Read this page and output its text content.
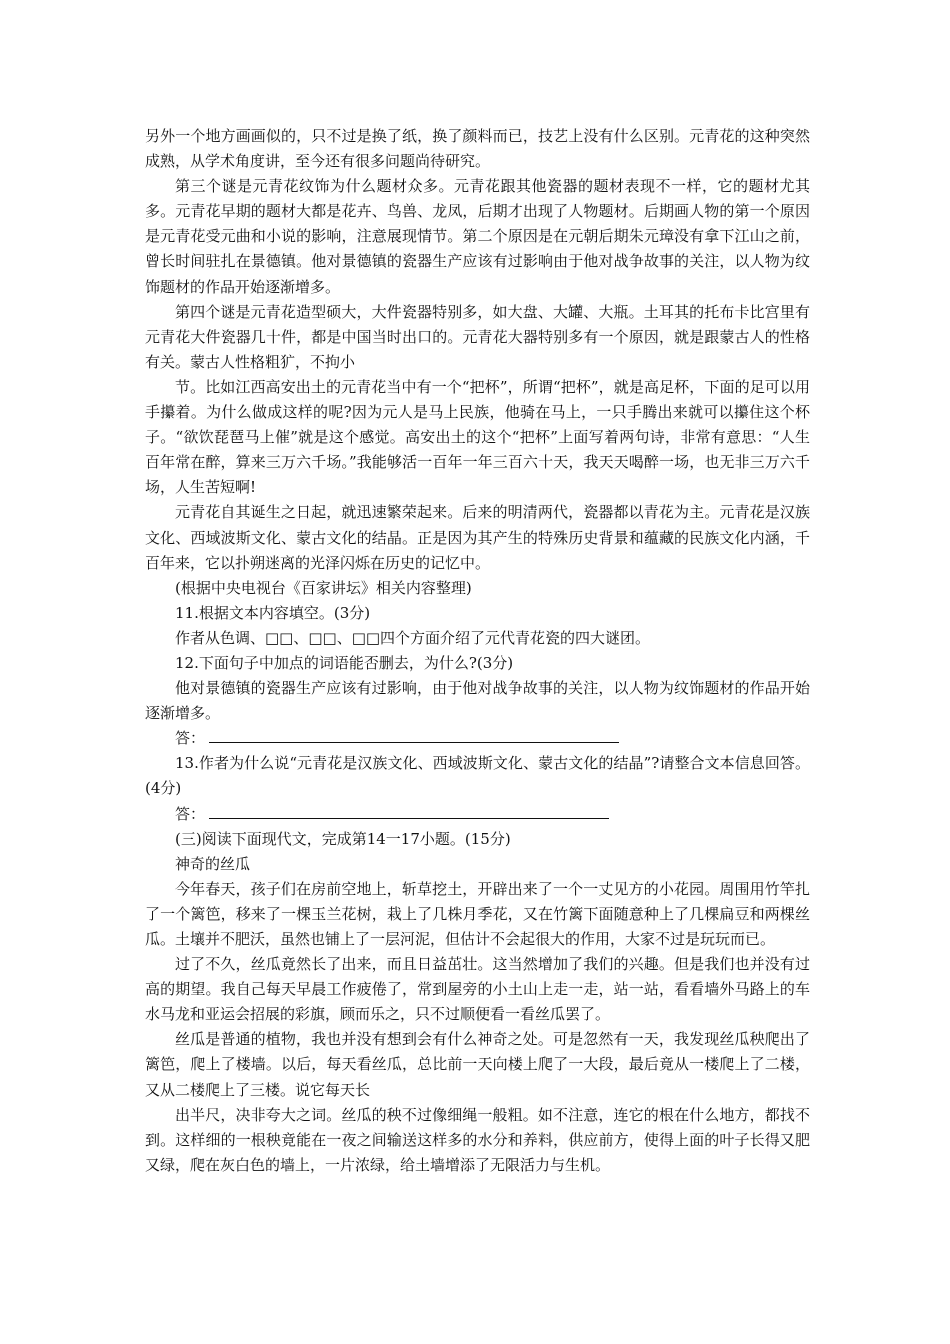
另外一个地方画画似的，只不过是换了纸，换了颜料而已，技艺上没有什么区别。元青花的这种突然成熟，从学术角度讲，至今还有很多问题尚待研究。

第三个谜是元青花纹饰为什么题材众多。元青花跟其他瓷器的题材表现不一样，它的题材尤其多。元青花早期的题材大都是花卉、鸟兽、龙凤，后期才出现了人物题材。后期画人物的第一个原因是元青花受元曲和小说的影响，注意展现情节。第二个原因是在元朝后期朱元璋没有拿下江山之前，曾长时间驻扎在景德镇。他对景德镇的瓷器生产应该有过影响由于他对战争故事的关注，以人物为纹饰题材的作品开始逐渐增多。

第四个谜是元青花造型硕大，大件瓷器特别多，如大盘、大罐、大瓶。土耳其的托布卡比宫里有元青花大件瓷器几十件，都是中国当时出口的。元青花大器特别多有一个原因，就是跟蒙古人的性格有关。蒙古人性格粗犷，不拘小

节。比如江西高安出土的元青花当中有一个“把杯”，所谓“把杯”，就是高足杯，下面的足可以用手攥着。为什么做成这样的呢?因为元人是马上民族，他骑在马上，一只手腾出来就可以攥住这个杯子。“欲饮琵琶马上催”就是这个感觉。高安出土的这个“把杯”上面写着两句诗，非常有意思：“人生百年常在醉，算来三万六千场。”我能够活一百年一年三百六十天，我天天喝醉一场，也无非三万六千场，人生苦短啊!

元青花自其诞生之日起，就迅速繁荣起来。后来的明清两代，瓷器都以青花为主。元青花是汉族文化、西域波斯文化、蒙古文化的结晶。正是因为其产生的特殊历史背景和蕴藏的民族文化内涵，千百年来，它以扑朔迷离的光泽闪烁在历史的记忆中。

(根据中央电视台《百家讲坛》相关内容整理)

11.根据文本内容填空。(3分)

作者从色调、□□、□□、□□四个方面介绍了元代青花瓷的四大谜团。

12.下面句子中加点的词语能否删去，为什么?(3分)

他对景德镇的瓷器生产应该有过影响，由于他对战争故事的关注，以人物为纹饰题材的作品开始逐渐增多。

答：

13.作者为什么说“元青花是汉族文化、西域波斯文化、蒙古文化的结晶”?请整合文本信息回答。(4分)

答：

(三)阅读下面现代文，完成第14一17小题。(15分)

神奇的丝瓜

今年春天，孩子们在房前空地上，斩草挖土，开辟出来了一个一丈见方的小花园。周围用竹竿扎了一个篱笆，移来了一棵玉兰花树，栽上了几株月季花，又在竹篱下面随意种上了几棵扁豆和两棵丝瓜。土壤并不肥沃，虽然也铺上了一层河泥，但估计不会起很大的作用，大家不过是玩玩而已。

过了不久，丝瓜竟然长了出来，而且日益茁壮。这当然增加了我们的兴趣。但是我们也并没有过高的期望。我自己每天早晨工作疲倦了，常到屋旁的小土山上走一走，站一站，看看墙外马路上的车水马龙和亚运会招展的彩旗，顾而乐之，只不过顺便看一看丝瓜罢了。

丝瓜是普通的植物，我也并没有想到会有什么神奇之处。可是忽然有一天，我发现丝瓜秧爬出了篱笆，爬上了楼墙。以后，每天看丝瓜，总比前一天向楼上爬了一大段，最后竟从一楼爬上了二楼，又从二楼爬上了三楼。说它每天长

出半尺，决非夸大之词。丝瓜的秧不过像细绳一般粗。如不注意，连它的根在什么地方，都找不到。这样细的一根秧竟能在一夜之间输送这样多的水分和养料，供应前方，使得上面的叶子长得又肥又绿，爬在灰白色的墙上，一片浓绿，给土墙增添了无限活力与生机。
